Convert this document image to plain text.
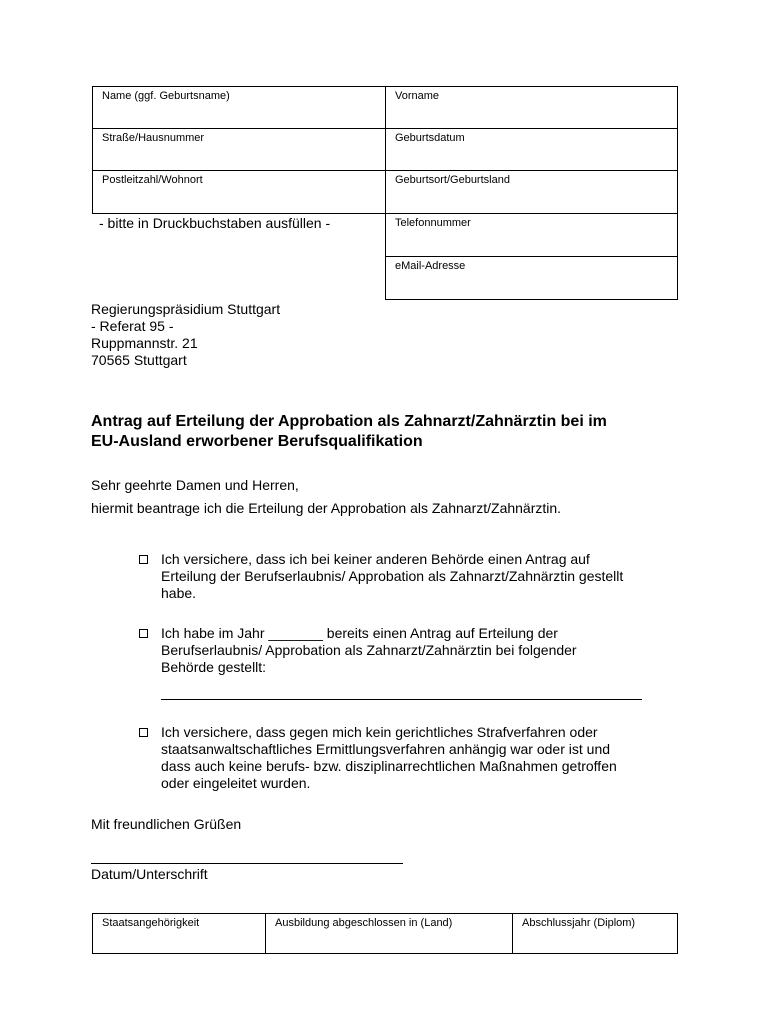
Name (ggf. Geburtsname)
Straße/Hausnummer
Postleitzahl/Wohnort
Vorname
Geburtsdatum
Geburtsort/Geburtsland
Telefonnummer
eMail-Adresse
- bitte in Druckbuchstaben ausfüllen -
Regierungspräsidium Stuttgart
- Referat 95 -
Ruppmannstr. 21
70565 Stuttgart
Antrag auf Erteilung der Approbation als Zahnarzt/Zahnärztin bei im
EU-Ausland erworbener Berufsqualifikation
Sehr geehrte Damen und Herren,
hiermit beantrage ich die Erteilung der Approbation als Zahnarzt/Zahnärztin.
Ich versichere, dass ich bei keiner anderen Behörde einen Antrag auf
Erteilung der Berufserlaubnis/ Approbation als Zahnarzt/Zahnärztin gestellt
habe.
Ich habe im Jahr _______ bereits einen Antrag auf Erteilung der
Berufserlaubnis/ Approbation als Zahnarzt/Zahnärztin bei folgender
Behörde gestellt:
Ich versichere, dass gegen mich kein gerichtliches Strafverfahren oder
staatsanwaltschaftliches Ermittlungsverfahren anhängig war oder ist und
dass auch keine berufs- bzw. disziplinarrechtlichen Maßnahmen getroffen
oder eingeleitet wurden.
Mit freundlichen Grüßen
Datum/Unterschrift
Staatsangehörigkeit	Ausbildung abgeschlossen in (Land)	Abschlussjahr (Diplom)
